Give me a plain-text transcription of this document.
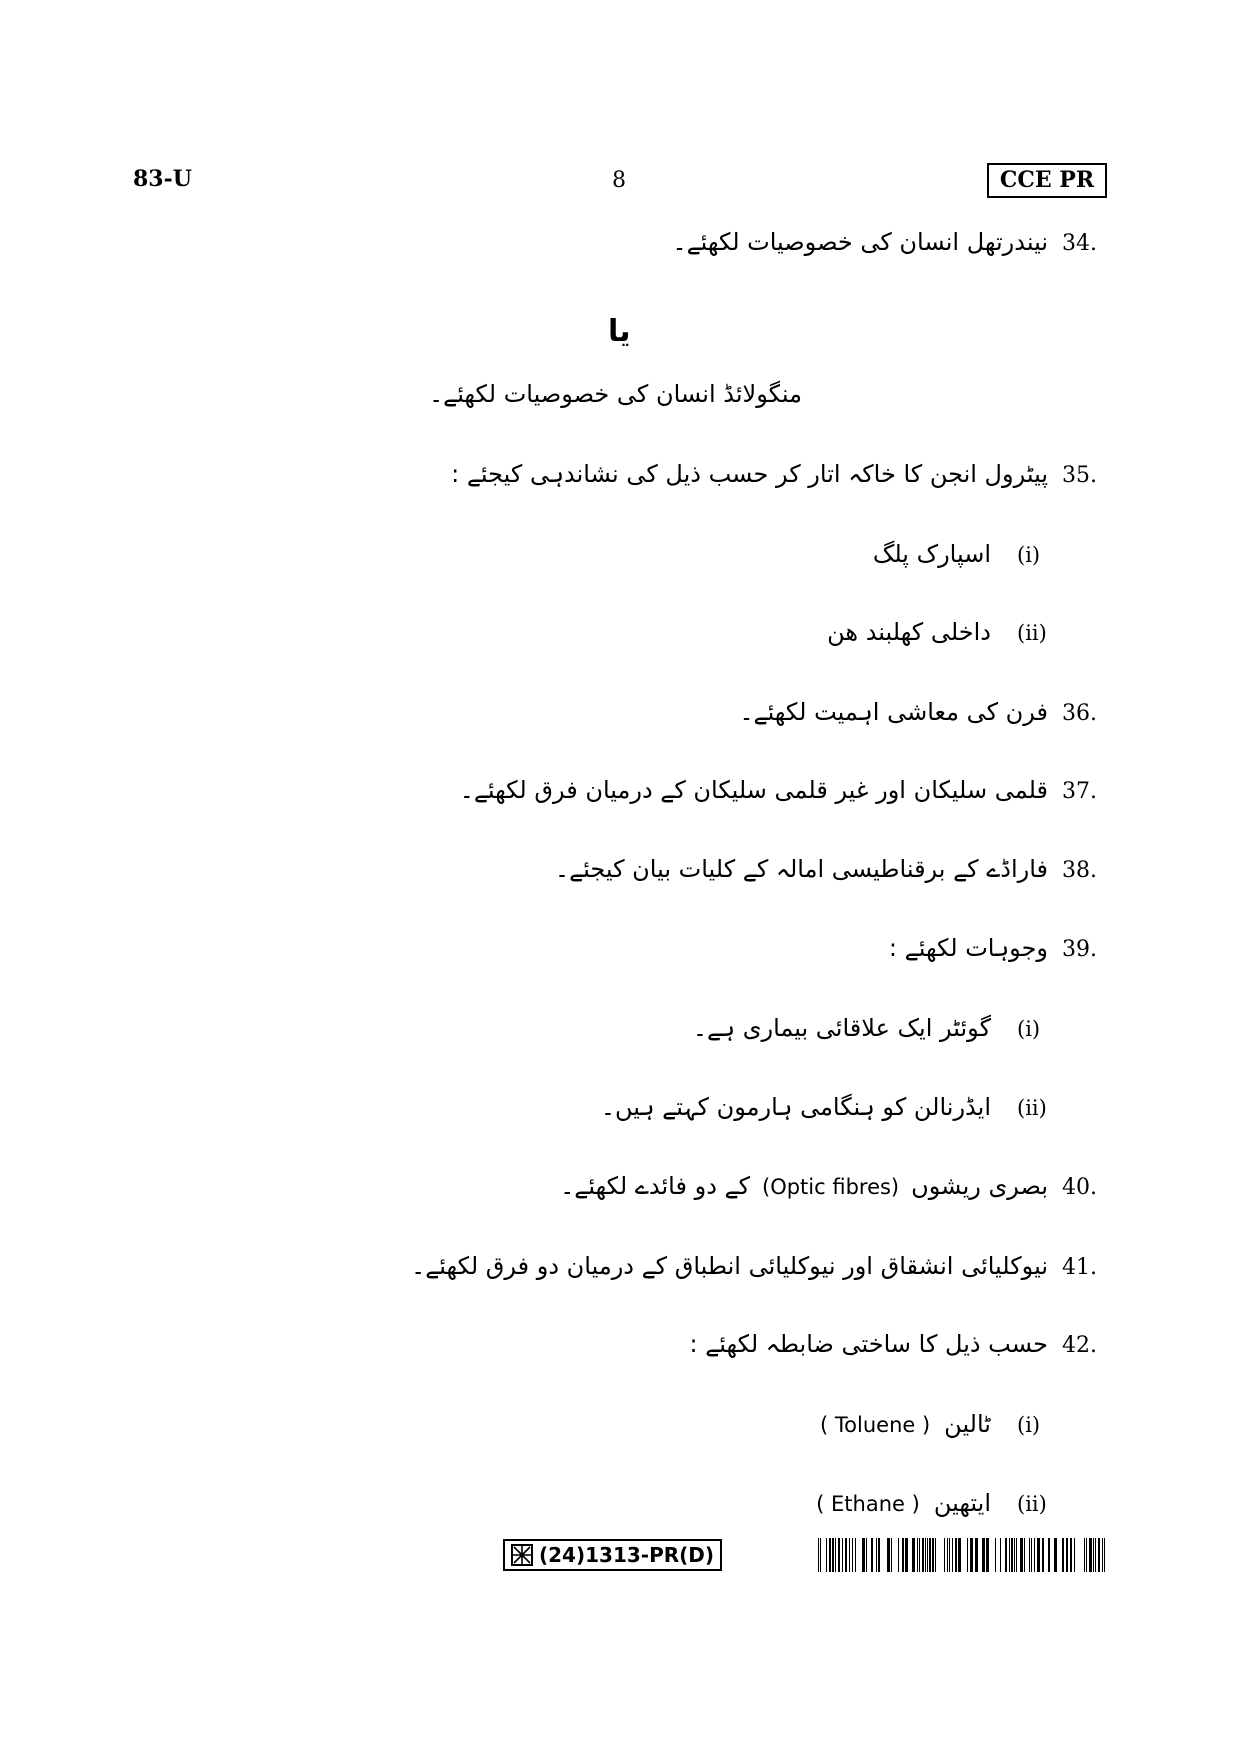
83-U	8	CCE PR
34.
نیندرتھل انسان کی خصوصیات لکھئے۔
یا
منگولائڈ انسان کی خصوصیات لکھئے۔
35.
پیٹرول انجن کا خاکہ اتار کر حسب ذیل کی نشاندہی کیجئے :
(i)
اسپارک پلگ
(ii)
داخلی کھلبند ھن
36.
فرن کی معاشی اہمیت لکھئے۔
37.
قلمی سلیکان اور غیر قلمی سلیکان کے درمیان فرق لکھئے۔
38.
فاراڈے کے برقناطیسی امالہ کے کلیات بیان کیجئے۔
39.
وجوہات لکھئے :
(i)
گوئٹر ایک علاقائی بیماری ہے۔
(ii)
ایڈرنالن کو ہنگامی ہارمون کہتے ہیں۔
40.
بصری ریشوں
(Optic fibres)
کے دو فائدے لکھئے۔
41.
نیوکلیائی انشقاق اور نیوکلیائی انطباق کے درمیان دو فرق لکھئے۔
42.
حسب ذیل کا ساختی ضابطہ لکھئے :
(i)
ٹالین
( Toluene )
(ii)
ایتھین
( Ethane )
(24)1313-PR(D)
